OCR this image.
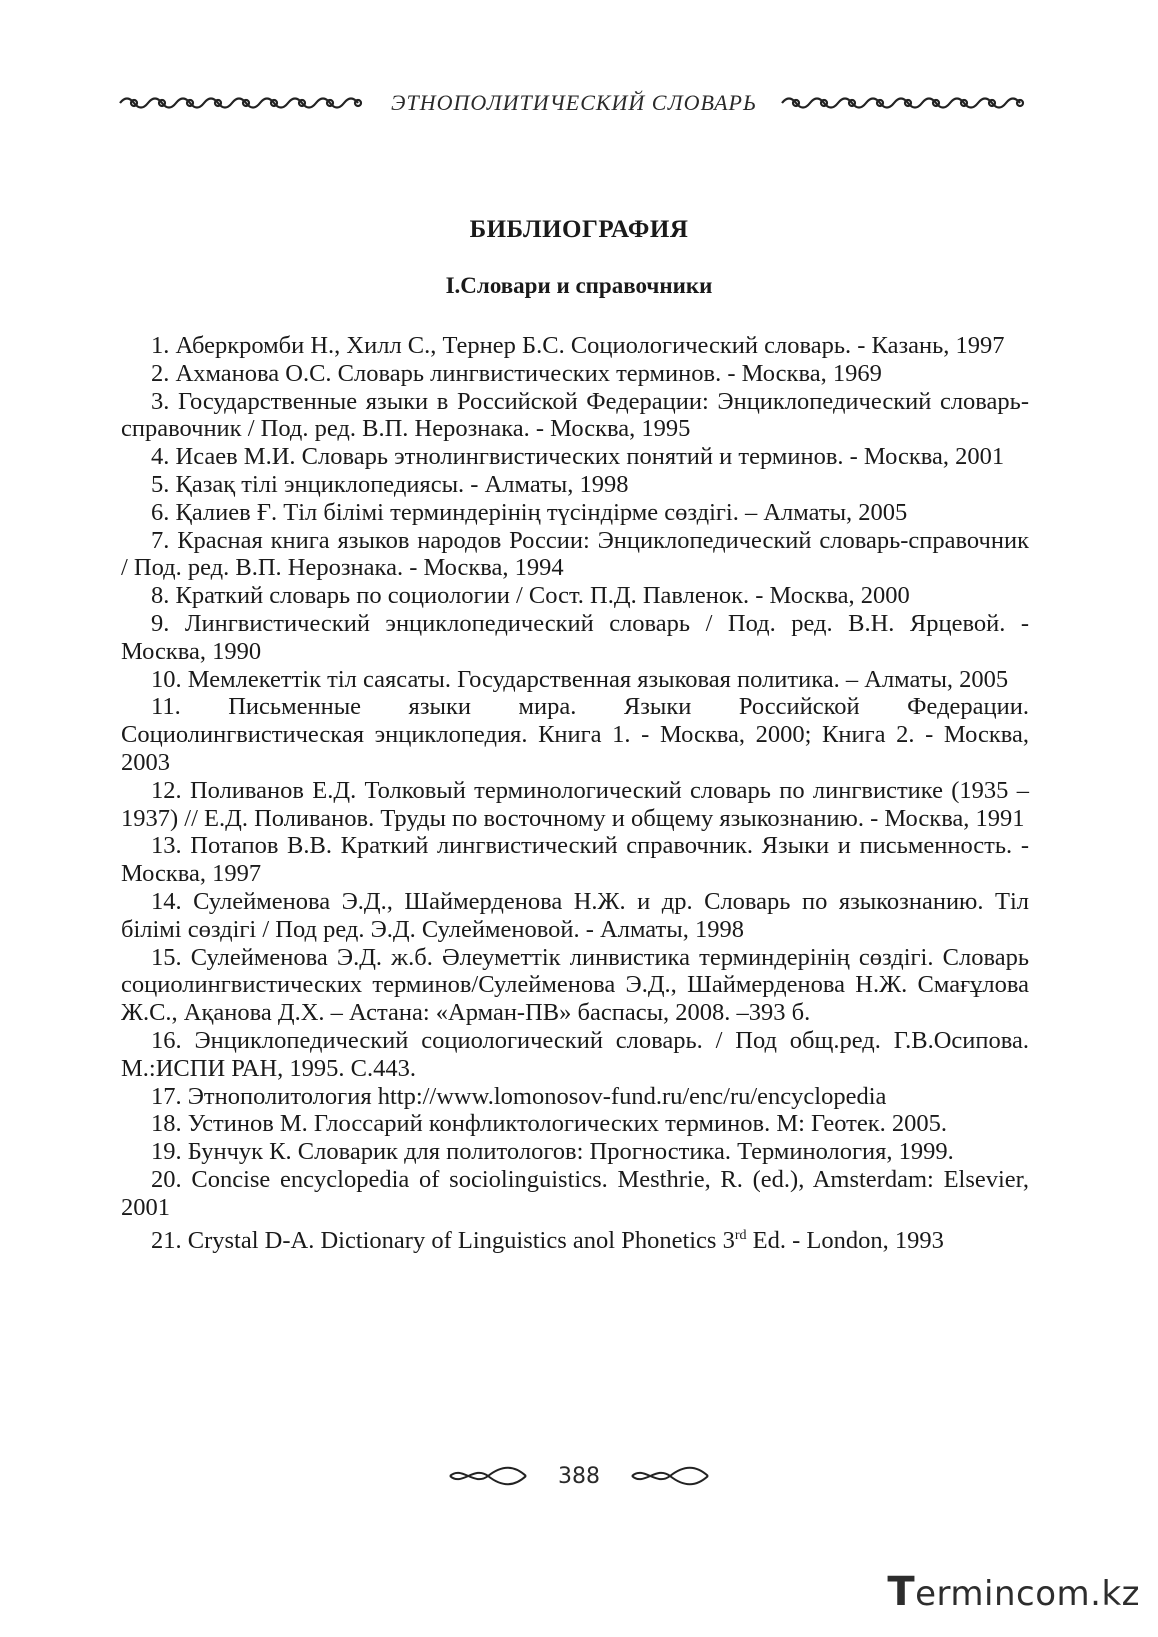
ЭТНОПОЛИТИЧЕСКИЙ СЛОВАРЬ
БИБЛИОГРАФИЯ
I.Словари и справочники
1. Аберкромби Н., Хилл С., Тернер Б.С. Социологический словарь. - Казань, 1997
2. Ахманова О.С. Словарь лингвистических терминов. - Москва, 1969
3. Государственные языки в Российской Федерации: Энциклопедический словарь-справочник / Под. ред. В.П. Нерознака. - Москва, 1995
4. Исаев М.И. Словарь этнолингвистических понятий и терминов. - Москва, 2001
5. Қазақ тілі энциклопедиясы. - Алматы, 1998
6. Қалиев Ғ. Тіл білімі терминдерінің түсіндірме сөздігі. – Алматы, 2005
7. Красная книга языков народов России: Энциклопедический словарь-справочник / Под. ред. В.П. Нерознака. - Москва, 1994
8. Краткий словарь по социологии / Сост. П.Д. Павленок. - Москва, 2000
9. Лингвистический энциклопедический словарь / Под. ред. В.Н. Ярцевой. - Москва, 1990
10. Мемлекеттік тіл саясаты. Государственная языковая политика. – Алматы, 2005
11. Письменные языки мира. Языки Российской Федерации. Социолингвистическая энциклопедия. Книга 1. - Москва, 2000; Книга 2. - Москва, 2003
12. Поливанов Е.Д. Толковый терминологический словарь по лингвистике (1935 – 1937) // Е.Д. Поливанов. Труды по восточному и общему языкознанию. - Москва, 1991
13. Потапов В.В. Краткий лингвистический справочник. Языки и письменность. - Москва, 1997
14. Сулейменова Э.Д., Шаймерденова Н.Ж. и др. Словарь по языкознанию. Тіл білімі сөздігі / Под ред. Э.Д. Сулейменовой. - Алматы, 1998
15. Сулейменова Э.Д. ж.б. Әлеуметтік линвистика терминдерінің сөздігі. Словарь социолингвистических терминов/Сулейменова Э.Д., Шаймерденова Н.Ж. Смағұлова Ж.С., Ақанова Д.Х. – Астана: «Арман-ПВ» баспасы, 2008. –393 б.
16. Энциклопедический социологический словарь. / Под общ.ред. Г.В.Осипова. М.:ИСПИ РАН, 1995. С.443.
17. Этнополитология http://www.lomonosov-fund.ru/enc/ru/encyclopedia
18. Устинов М. Глоссарий конфликтологических терминов. М: Геотек. 2005.
19. Бунчук К. Словарик для политологов: Прогностика. Терминология, 1999.
20. Concise encyclopedia of sociolinguistics. Mesthrie, R. (ed.), Amsterdam: Elsevier, 2001
21. Crystal D-A. Dictionary of Linguistics anol Phonetics 3rd Ed. - London, 1993
388
Termincom.kz
